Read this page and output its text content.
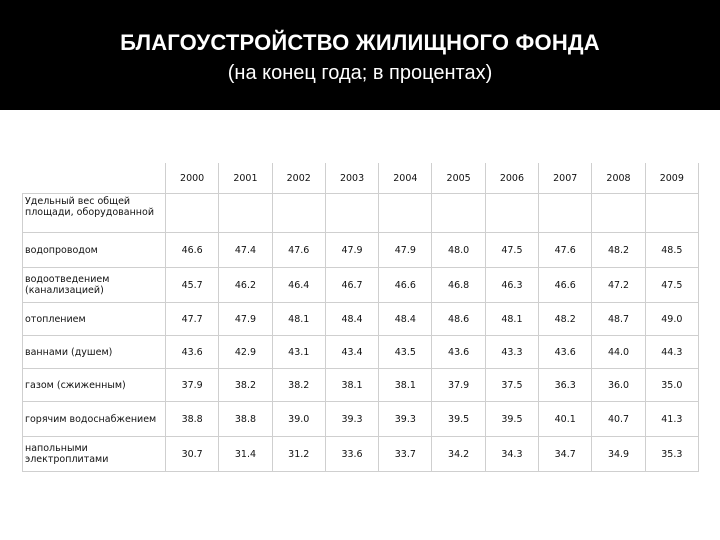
БЛАГОУСТРОЙСТВО ЖИЛИЩНОГО ФОНДА
(на конец года; в процентах)
	2000	2001	2002	2003	2004	2005	2006	2007	2008	2009
Удельный вес общей площади, оборудованной										
водопроводом	46.6	47.4	47.6	47.9	47.9	48.0	47.5	47.6	48.2	48.5
водоотведением (канализацией)	45.7	46.2	46.4	46.7	46.6	46.8	46.3	46.6	47.2	47.5
отоплением	47.7	47.9	48.1	48.4	48.4	48.6	48.1	48.2	48.7	49.0
ваннами (душем)	43.6	42.9	43.1	43.4	43.5	43.6	43.3	43.6	44.0	44.3
газом (сжиженным)	37.9	38.2	38.2	38.1	38.1	37.9	37.5	36.3	36.0	35.0
горячим водоснабжением	38.8	38.8	39.0	39.3	39.3	39.5	39.5	40.1	40.7	41.3
напольными электроплитами	30.7	31.4	31.2	33.6	33.7	34.2	34.3	34.7	34.9	35.3
